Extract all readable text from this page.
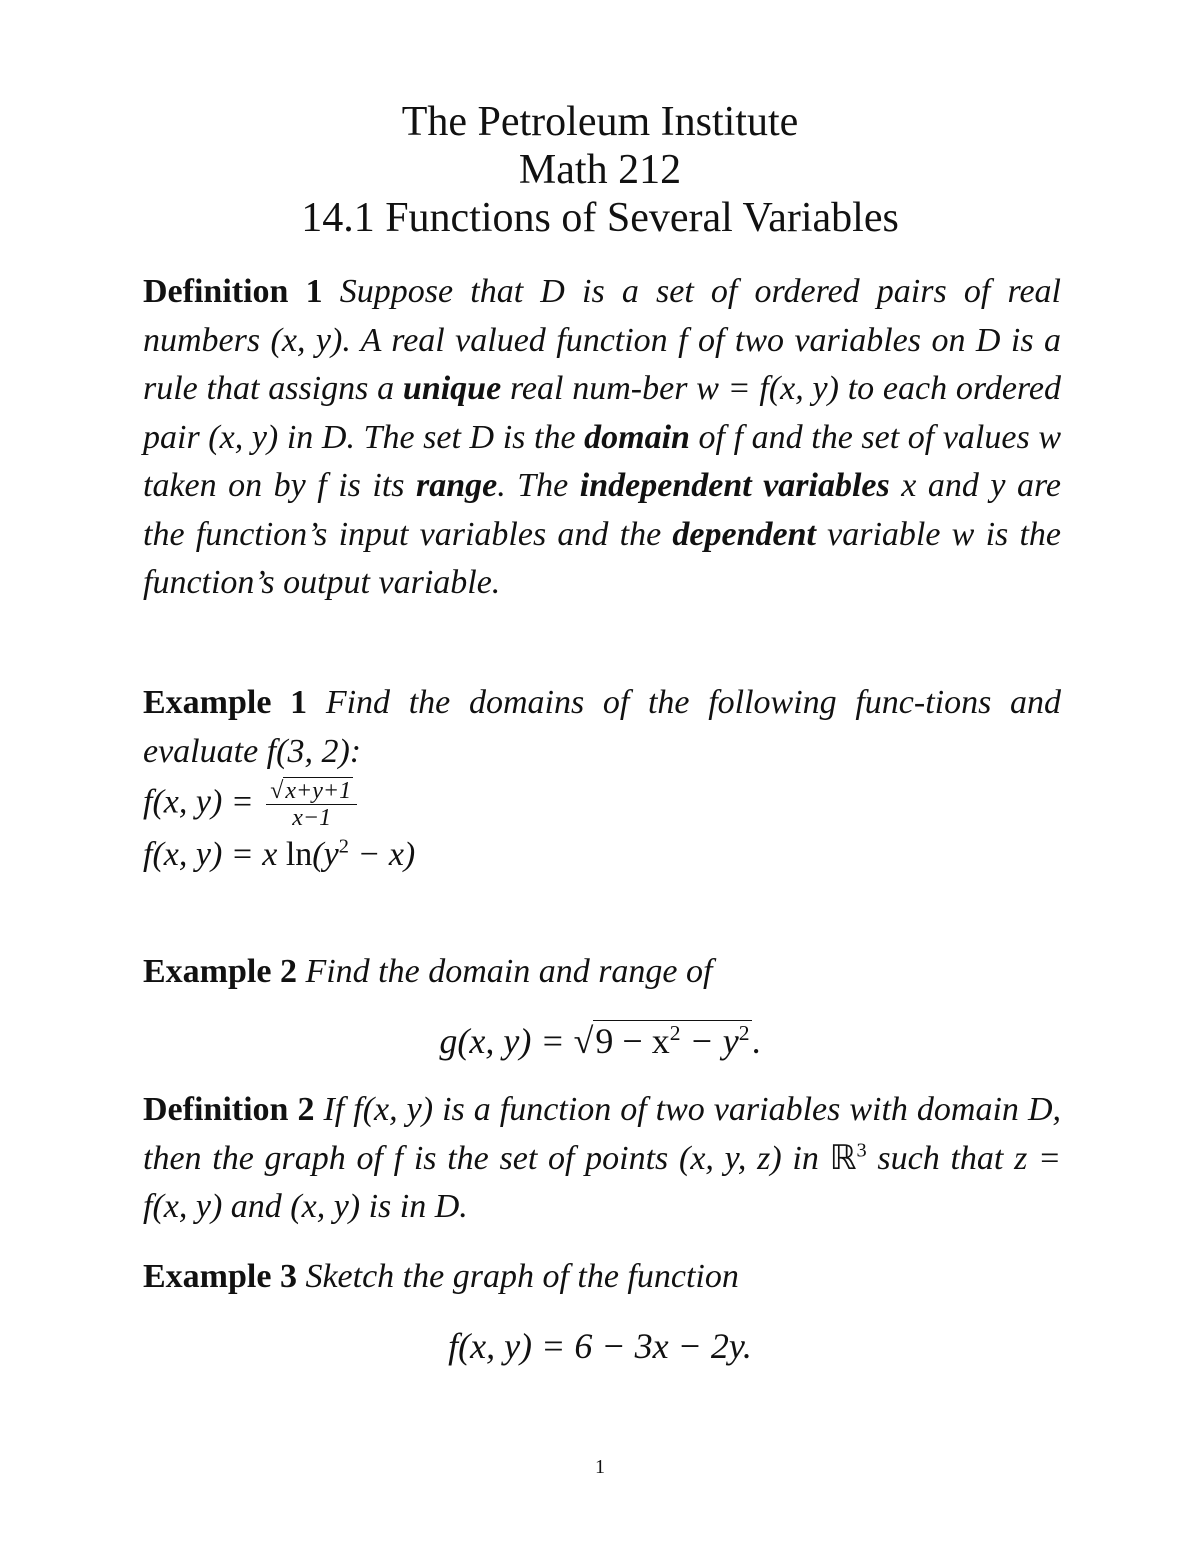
The Petroleum Institute
Math 212
14.1 Functions of Several Variables
Definition 1 Suppose that D is a set of ordered pairs of real numbers (x, y). A real valued function f of two variables on D is a rule that assigns a unique real num-ber w = f(x, y) to each ordered pair (x, y) in D. The set D is the domain of f and the set of values w taken on by f is its range. The independent variables x and y are the function’s input variables and the dependent variable w is the function’s output variable.
Example 1 Find the domains of the following func-tions and evaluate f(3, 2):
f(x, $y) = \frac{√x+y+1}{x-1}$
f(x, y) = x $\ln(y^2 - x)$
Example 2 Find the domain and range of
g(x, $y) = √9 - x^2 - y^2$.
Definition 2 If f(x, y) is a function of two variables with domain D, then the graph of f is the set of points (x, y, z) in ℝ$^3$ such that z = f(x, y) and (x, y) is in D.
Example 3 Sketch the graph of the function
f(x, y) = 6 − 3x − 2y.
1
